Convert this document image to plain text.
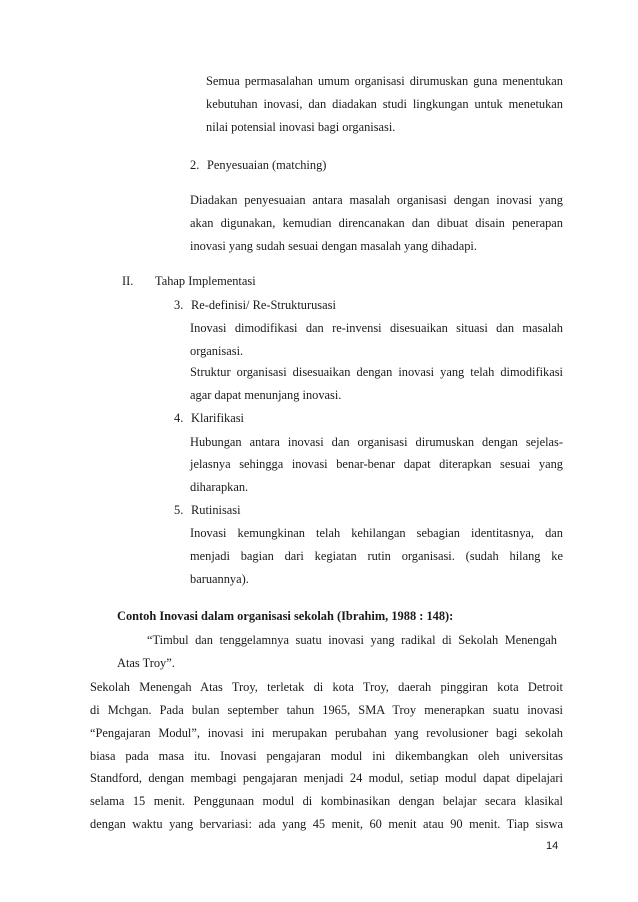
Semua permasalahan umum organisasi dirumuskan guna menentukan
kebutuhan inovasi, dan diadakan studi lingkungan untuk menetukan
nilai potensial inovasi bagi organisasi.
2. Penyesuaian (matching)
Diadakan penyesuaian antara masalah organisasi dengan inovasi yang
akan digunakan, kemudian direncanakan dan dibuat disain penerapan
inovasi yang sudah sesuai dengan masalah yang dihadapi.
II. Tahap Implementasi
3. Re-definisi/ Re-Strukturusasi
Inovasi dimodifikasi dan re-invensi disesuaikan situasi dan masalah
organisasi.
Struktur organisasi disesuaikan dengan inovasi yang telah dimodifikasi
agar dapat menunjang inovasi.
4. Klarifikasi
Hubungan antara inovasi dan organisasi dirumuskan dengan sejelas-
jelasnya sehingga inovasi benar-benar dapat diterapkan sesuai yang
diharapkan.
5. Rutinisasi
Inovasi kemungkinan telah kehilangan sebagian identitasnya, dan
menjadi bagian dari kegiatan rutin organisasi. (sudah hilang ke
baruannya).
Contoh Inovasi dalam organisasi sekolah (Ibrahim, 1988 : 148):
“Timbul dan tenggelamnya suatu inovasi yang radikal di Sekolah Menengah
Atas Troy”.
Sekolah Menengah Atas Troy, terletak di kota Troy, daerah pinggiran kota Detroit
di Mchgan. Pada bulan september tahun 1965, SMA Troy menerapkan suatu inovasi
“Pengajaran Modul”, inovasi ini merupakan perubahan yang revolusioner bagi sekolah
biasa pada masa itu. Inovasi pengajaran modul ini dikembangkan oleh universitas
Standford, dengan membagi pengajaran menjadi 24 modul, setiap modul dapat dipelajari
selama 15 menit. Penggunaan modul di kombinasikan dengan belajar secara klasikal
dengan waktu yang bervariasi: ada yang 45 menit, 60 menit atau 90 menit. Tiap siswa
14
